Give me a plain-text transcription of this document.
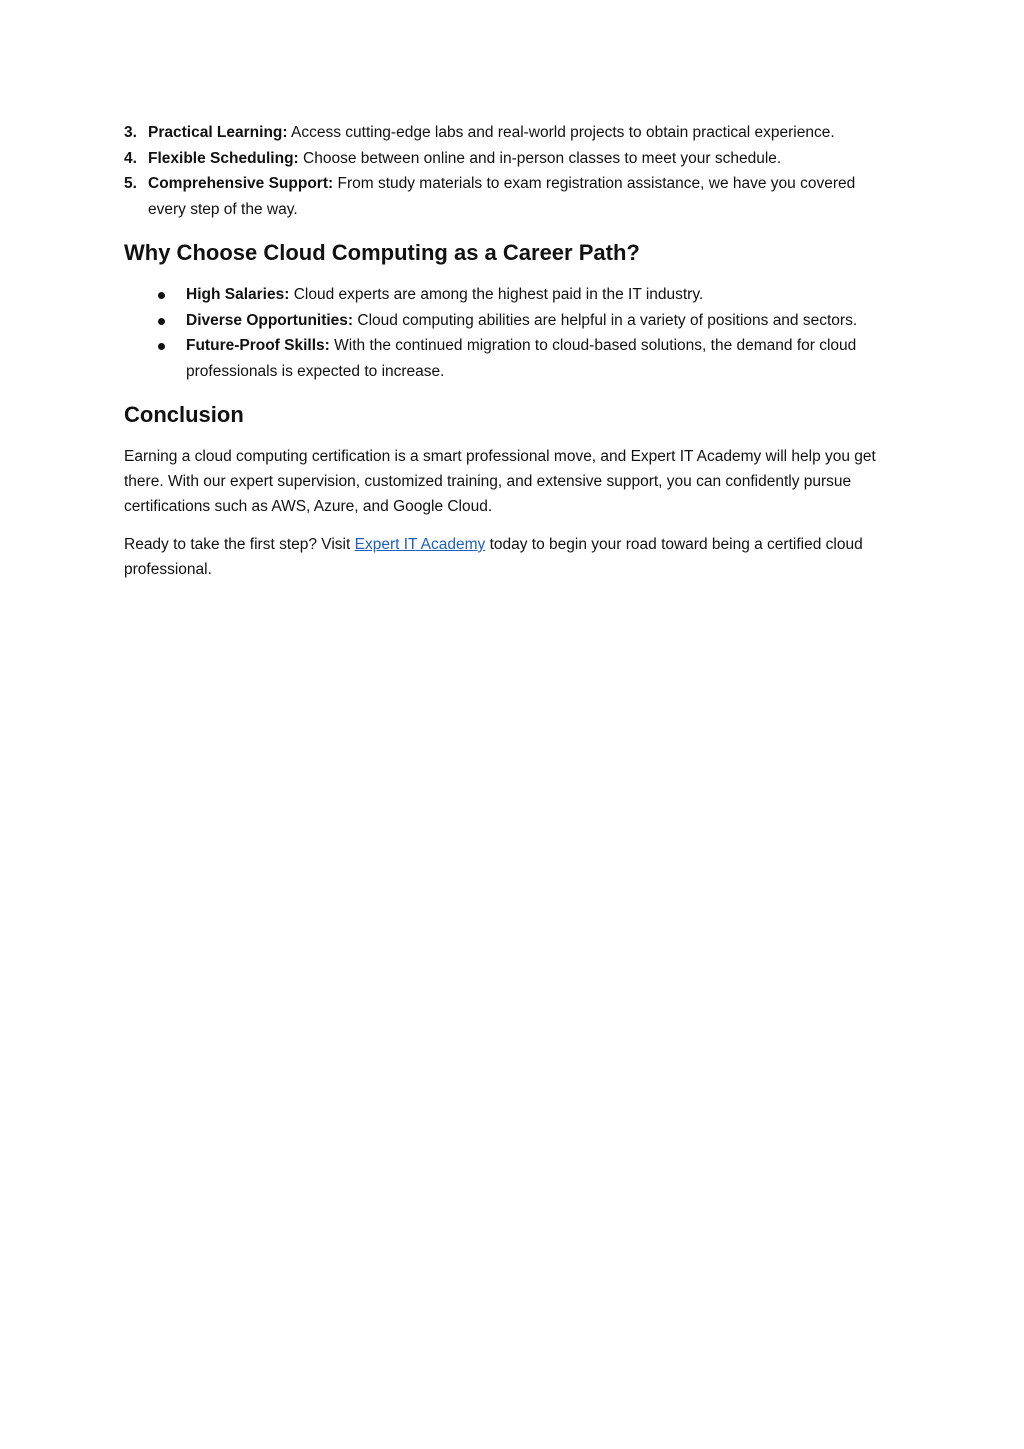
3. Practical Learning: Access cutting-edge labs and real-world projects to obtain practical experience.
4. Flexible Scheduling: Choose between online and in-person classes to meet your schedule.
5. Comprehensive Support: From study materials to exam registration assistance, we have you covered every step of the way.
Why Choose Cloud Computing as a Career Path?
High Salaries: Cloud experts are among the highest paid in the IT industry.
Diverse Opportunities: Cloud computing abilities are helpful in a variety of positions and sectors.
Future-Proof Skills: With the continued migration to cloud-based solutions, the demand for cloud professionals is expected to increase.
Conclusion

Earning a cloud computing certification is a smart professional move, and Expert IT Academy will help you get there. With our expert supervision, customized training, and extensive support, you can confidently pursue certifications such as AWS, Azure, and Google Cloud.

Ready to take the first step? Visit Expert IT Academy today to begin your road toward being a certified cloud professional.
